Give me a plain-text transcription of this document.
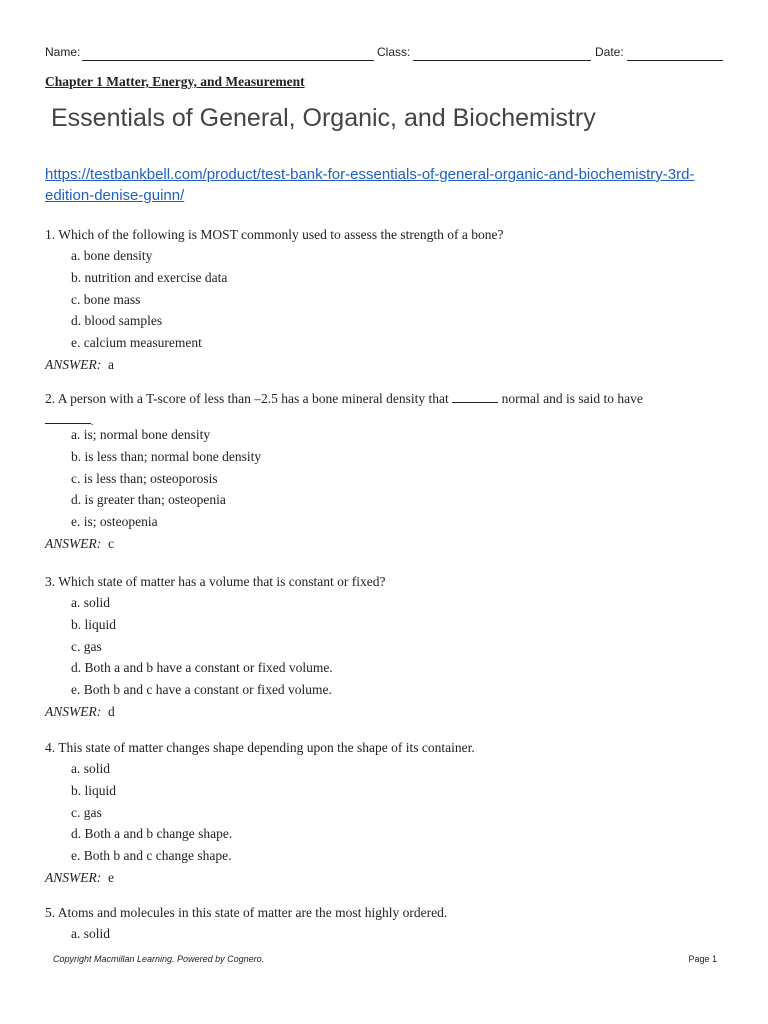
Name:	Class:	Date:
Chapter 1 Matter, Energy, and Measurement
Essentials of General, Organic, and Biochemistry
https://testbankbell.com/product/test-bank-for-essentials-of-general-organic-and-biochemistry-3rd-edition-denise-guinn/
1. Which of the following is MOST commonly used to assess the strength of a bone?
a. bone density
b. nutrition and exercise data
c. bone mass
d. blood samples
e. calcium measurement
ANSWER: a
2. A person with a T-score of less than –2.5 has a bone mineral density that	normal and is said to have
.
a. is; normal bone density
b. is less than; normal bone density
c. is less than; osteoporosis
d. is greater than; osteopenia
e. is; osteopenia
ANSWER: c
3. Which state of matter has a volume that is constant or fixed?
a. solid
b. liquid
c. gas
d. Both a and b have a constant or fixed volume.
e. Both b and c have a constant or fixed volume.
ANSWER: d
4. This state of matter changes shape depending upon the shape of its container.
a. solid
b. liquid
c. gas
d. Both a and b change shape.
e. Both b and c change shape.
ANSWER: e
5. Atoms and molecules in this state of matter are the most highly ordered.
a. solid
Copyright Macmillan Learning. Powered by Cognero.	Page 1
